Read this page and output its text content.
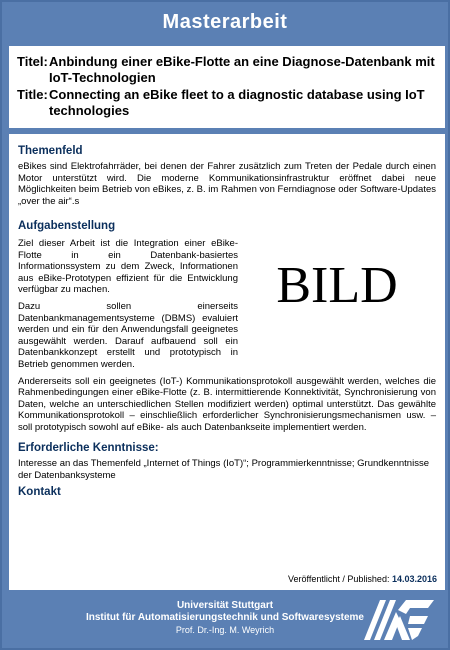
Masterarbeit
Titel: Anbindung einer eBike-Flotte an eine Diagnose-Datenbank mit IoT-Technologien
Title: Connecting an eBike fleet to a diagnostic database using IoT technologies

Themenfeld

eBikes sind Elektrofahrräder, bei denen der Fahrer zusätzlich zum Treten der Pedale durch einen Motor unterstützt wird. Die moderne Kommunikationsinfrastruktur eröffnet dabei neue Möglichkeiten beim Betrieb von eBikes, z. B. im Rahmen von Ferndiagnose oder Software-Updates „over the air“.s

Aufgabenstellung

Ziel dieser Arbeit ist die Integration einer eBike-Flotte in ein Datenbank-basiertes Informationssystem zu dem Zweck, Informationen aus eBike-Prototypen effizient für die Entwicklung verfügbar zu machen.

Dazu sollen einerseits Datenbankmanagementsysteme (DBMS) evaluiert werden und ein für den Anwendungsfall geeignetes ausgewählt werden. Darauf aufbauend soll ein Datenbankkonzept erstellt und prototypisch in Betrieb genommen werden.

BILD

Andererseits soll ein geeignetes (IoT-) Kommunikationsprotokoll ausgewählt werden, welches die Rahmenbedingungen einer eBike-Flotte (z. B. intermittierende Konnektivität, Synchronisierung von Daten, welche an unterschiedlichen Stellen modifiziert werden) optimal unterstützt. Das gewählte Kommunikationsprotokoll – einschließlich erforderlicher Synchronisierungsmechanismen usw. – soll prototypisch sowohl auf eBike- als auch Datenbankseite implementiert werden.

Erforderliche Kenntnisse:

Interesse an das Themenfeld „Internet of Things (IoT)“; Programmierkenntnisse; Grundkenntnisse der Datenbanksysteme

Kontakt

Veröffentlicht / Published: 14.03.2016
Universität Stuttgart
Institut für Automatisierungstechnik und Softwaresysteme
Prof. Dr.-Ing. M. Weyrich
